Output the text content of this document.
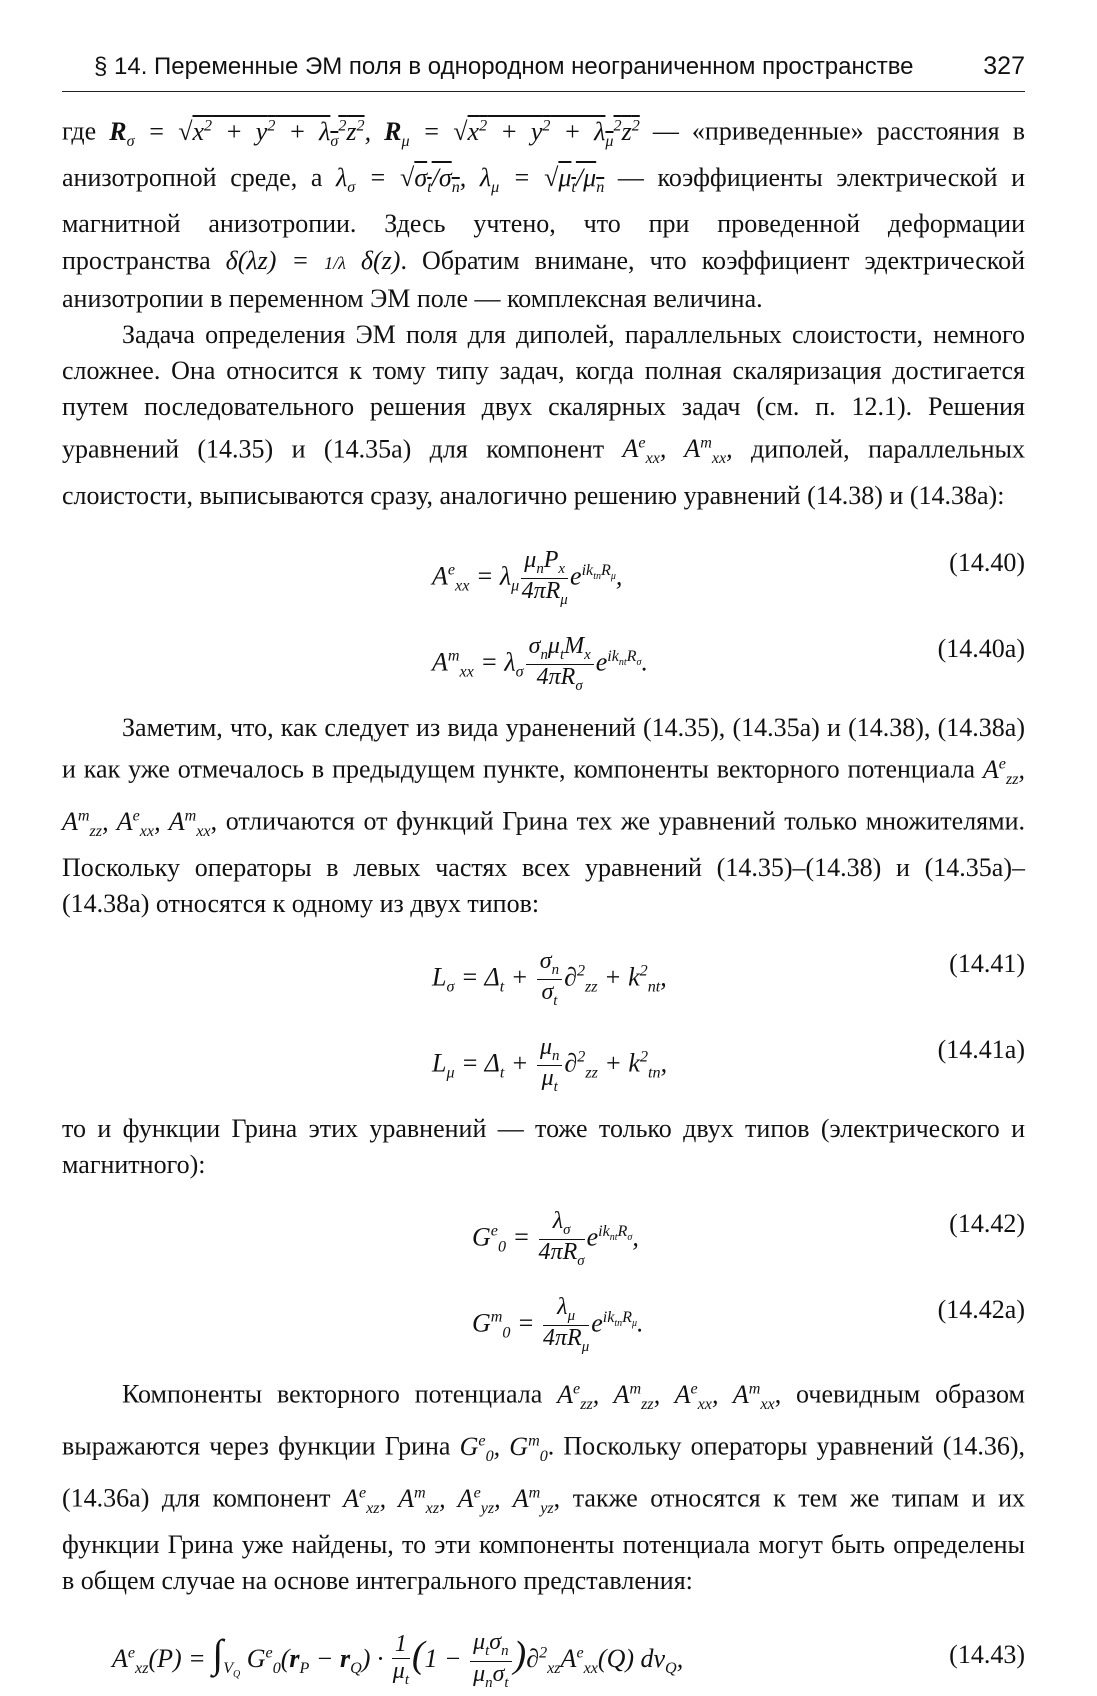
§ 14. Переменные ЭМ поля в однородном неограниченном пространстве	327

где $R_\sigma = √x^2 + y^2 + \lambda_\sigma^2z^2$, $R_\mu = √x^2 + y^2 + \lambda_\mu^2z^2$ — «приведенные» расстояния в анизотропной среде, а $\lambda_\sigma = √\sigma_t/\sigma_n$, $\lambda_\mu = √\mu_t/\mu_n$ — коэффициенты электрической и магнитной анизотропии. Здесь учтено, что при проведенной деформации пространства δ(λz) = 1/λ δ(z). Обратим внимане, что коэффициент эдектрической анизотропии в переменном ЭМ поле — комплексная величина.

Задача определения ЭМ поля для диполей, параллельных слоистости, немного сложнее. Она относится к тому типу задач, когда полная скаляризация достигается путем последовательного решения двух скалярных задач (см. п. 12.1). Решения уравнений (14.35) и (14.35а) для компонент $A^e_{xx}$, $A^m_{xx}$, диполей, параллельных слоистости, выписываются сразу, аналогично решению уравнений (14.38) и (14.38а):

$A^e_{xx} = \lambda_\mu \frac{\mu_nP_x}{4\pi R_\mu} e^{ik_{tn}R_\mu}$,	(14.40)
$A^m_{xx} = \lambda_\sigma \frac{\sigma_n\mu_tM_x}{4\pi R_\sigma} e^{ik_{nt}R_\sigma}$.	(14.40а)

Заметим, что, как следует из вида ураненений (14.35), (14.35а) и (14.38), (14.38а) и как уже отмечалось в предыдущем пункте, компоненты векторного потенциала $A^e_{zz}$, $A^m_{zz}$, $A^e_{xx}$, $A^m_{xx}$, отличаются от функций Грина тех же уравнений только множителями. Поскольку операторы в левых частях всех уравнений (14.35)–(14.38) и (14.35а)–(14.38а) относятся к одному из двух типов:

$L_\sigma = \Delta_t + \frac{\sigma_n}{\sigma_t} \partial^2_{zz} + k^2_{nt}$,	(14.41)
$L_\mu = \Delta_t + \frac{\mu_n}{\mu_t} \partial^2_{zz} + k^2_{tn}$,	(14.41а)

то и функции Грина этих уравнений — тоже только двух типов (электрического и магнитного):

$G^e_0 = \frac{\lambda_\sigma}{4\pi R_\sigma} e^{ik_{nt}R_\sigma}$,	(14.42)
$G^m_0 = \frac{\lambda_\mu}{4\pi R_\mu} e^{ik_{tn}R_\mu}$.	(14.42а)

Компоненты векторного потенциала $A^e_{zz}$, $A^m_{zz}$, $A^e_{xx}$, $A^m_{xx}$, очевидным образом выражаются через функции Грина $G^e_0$, $G^m_0$. Поскольку операторы уравнений (14.36), (14.36а) для компонент $A^e_{xz}$, $A^m_{xz}$, $A^e_{yz}$, $A^m_{yz}$, также относятся к тем же типам и их функции Грина уже найдены, то эти компоненты потенциала могут быть определены в общем случае на основе интегрального представления:

$A^e_{xz}(P) = \int_{V_Q}$ $G^e_0(r_P - r_Q) \cdot \frac{1}{\mu_t} (1 - \frac{\mu_t\sigma_n}{\mu_n\sigma_t} )\partial^2_{xz}A^e_{xx}(Q)$ $dv_Q$,	(14.43)
